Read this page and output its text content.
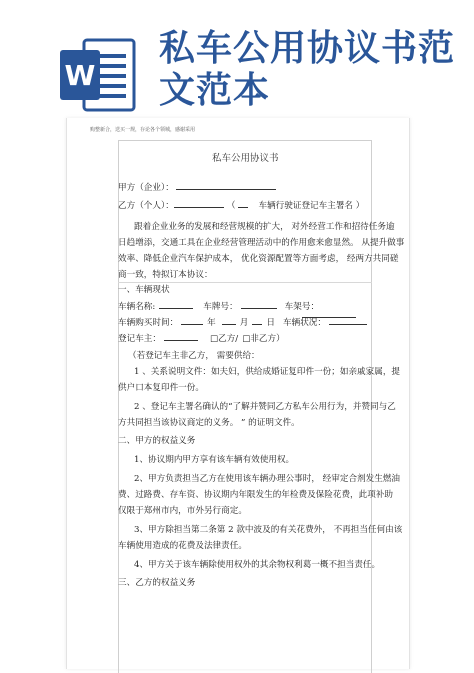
W
私车公用协议书范
文范本
购整新合，送买一规，存论各个领城，感谢采用
私车公用协议书
甲方（企业）：
乙方（个人）：	（	车辆行驶证登记车主署名 ）
跟着企业业务的发展和经营规模的扩大， 对外经营工作和招待任务逾
日趋增添，交通工具在企业经营管理活动中的作用愈来愈显然。 从提升做事
效率、降低企业汽车保护成本， 优化资源配置等方面考虑， 经两方共同磋
商一致，特拟订本协议：
一、车辆现状
车辆名称:	车牌号：	车架号：
车辆购买时间：	年	月 日 车辆状况：
登记车主：	□乙方/ □非乙方）
（若登记车主非乙方， 需要供给：
1 、关系说明文件：如夫妇，供给成婚证复印件一份；如亲戚家属，提
供户口本复印件一份。
2 、登记车主署名确认的“了解并赞同乙方私车公用行为，并赞同与乙
方共同担当该协议商定的义务。 ” 的证明文件。
二、甲方的权益义务
1、协议期内甲方享有该车辆有效使用权。
2、甲方负责担当乙方在使用该车辆办理公事时， 经审定合剂发生燃油
费、过路费、存车资、协议期内年限发生的年检费及保险花费，此项补助
仅限于郑州市内，市外另行商定。
3、甲方除担当第二条第 2 款中波及的有关花费外， 不再担当任何由该
车辆使用造成的花费及法律责任。
4、甲方关于该车辆除使用权外的其余物权利葛一概不担当责任。
三、乙方的权益义务
